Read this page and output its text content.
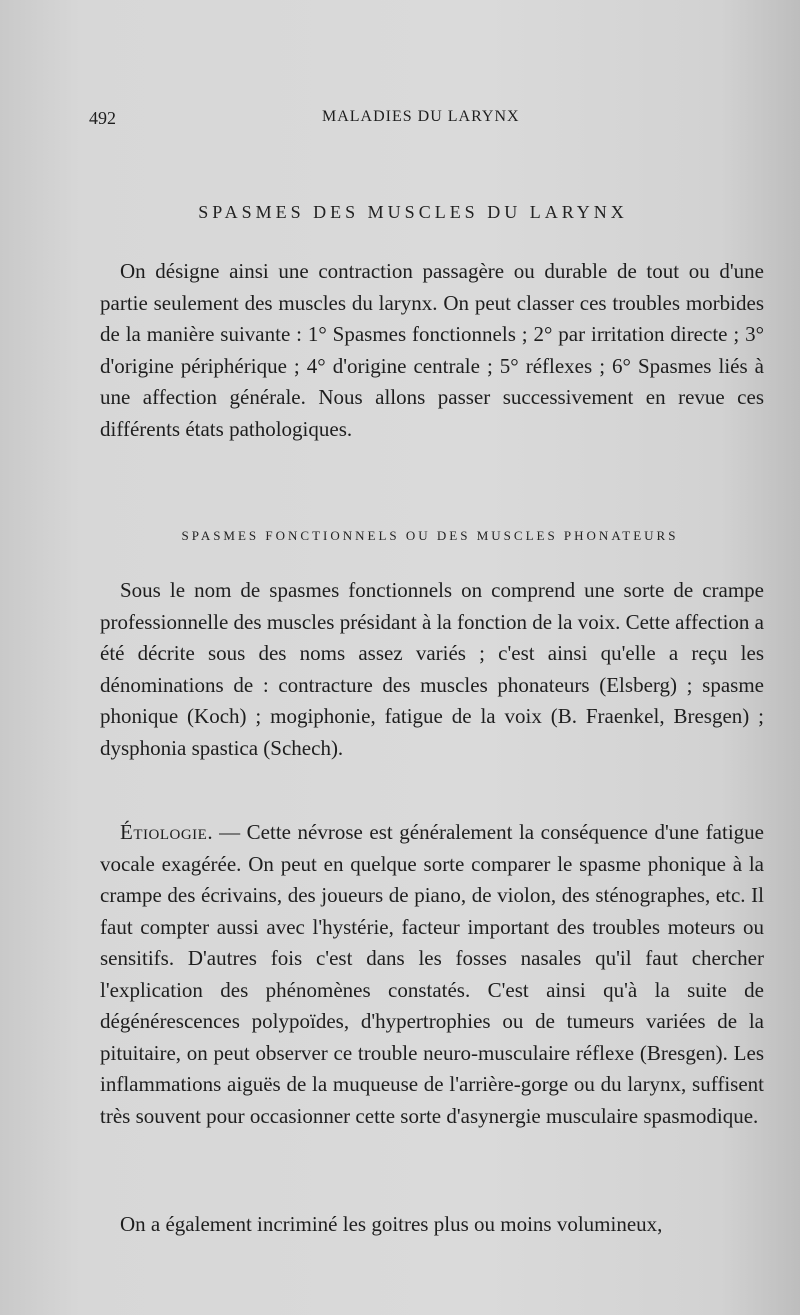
492	MALADIES DU LARYNX
SPASMES DES MUSCLES DU LARYNX

On désigne ainsi une contraction passagère ou durable de tout ou d'une partie seulement des muscles du larynx. On peut classer ces troubles morbides de la manière suivante : 1° Spasmes fonctionnels ; 2° par irritation directe ; 3° d'origine périphérique ; 4° d'origine centrale ; 5° réflexes ; 6° Spasmes liés à une affection générale. Nous allons passer successivement en revue ces différents états pathologiques.

SPASMES FONCTIONNELS OU DES MUSCLES PHONATEURS

Sous le nom de spasmes fonctionnels on comprend une sorte de crampe professionnelle des muscles présidant à la fonction de la voix. Cette affection a été décrite sous des noms assez variés ; c'est ainsi qu'elle a reçu les dénominations de : contracture des muscles phonateurs (Elsberg) ; spasme phonique (Koch) ; mogiphonie, fatigue de la voix (B. Fraenkel, Bresgen) ; dysphonia spastica (Schech).

Étiologie. — Cette névrose est généralement la conséquence d'une fatigue vocale exagérée. On peut en quelque sorte comparer le spasme phonique à la crampe des écrivains, des joueurs de piano, de violon, des sténographes, etc. Il faut compter aussi avec l'hystérie, facteur important des troubles moteurs ou sensitifs. D'autres fois c'est dans les fosses nasales qu'il faut chercher l'explication des phénomènes constatés. C'est ainsi qu'à la suite de dégénérescences polypoïdes, d'hypertrophies ou de tumeurs variées de la pituitaire, on peut observer ce trouble neuro-musculaire réflexe (Bresgen). Les inflammations aiguës de la muqueuse de l'arrière-gorge ou du larynx, suffisent très souvent pour occasionner cette sorte d'asynergie musculaire spasmodique.

On a également incriminé les goitres plus ou moins volumineux,
